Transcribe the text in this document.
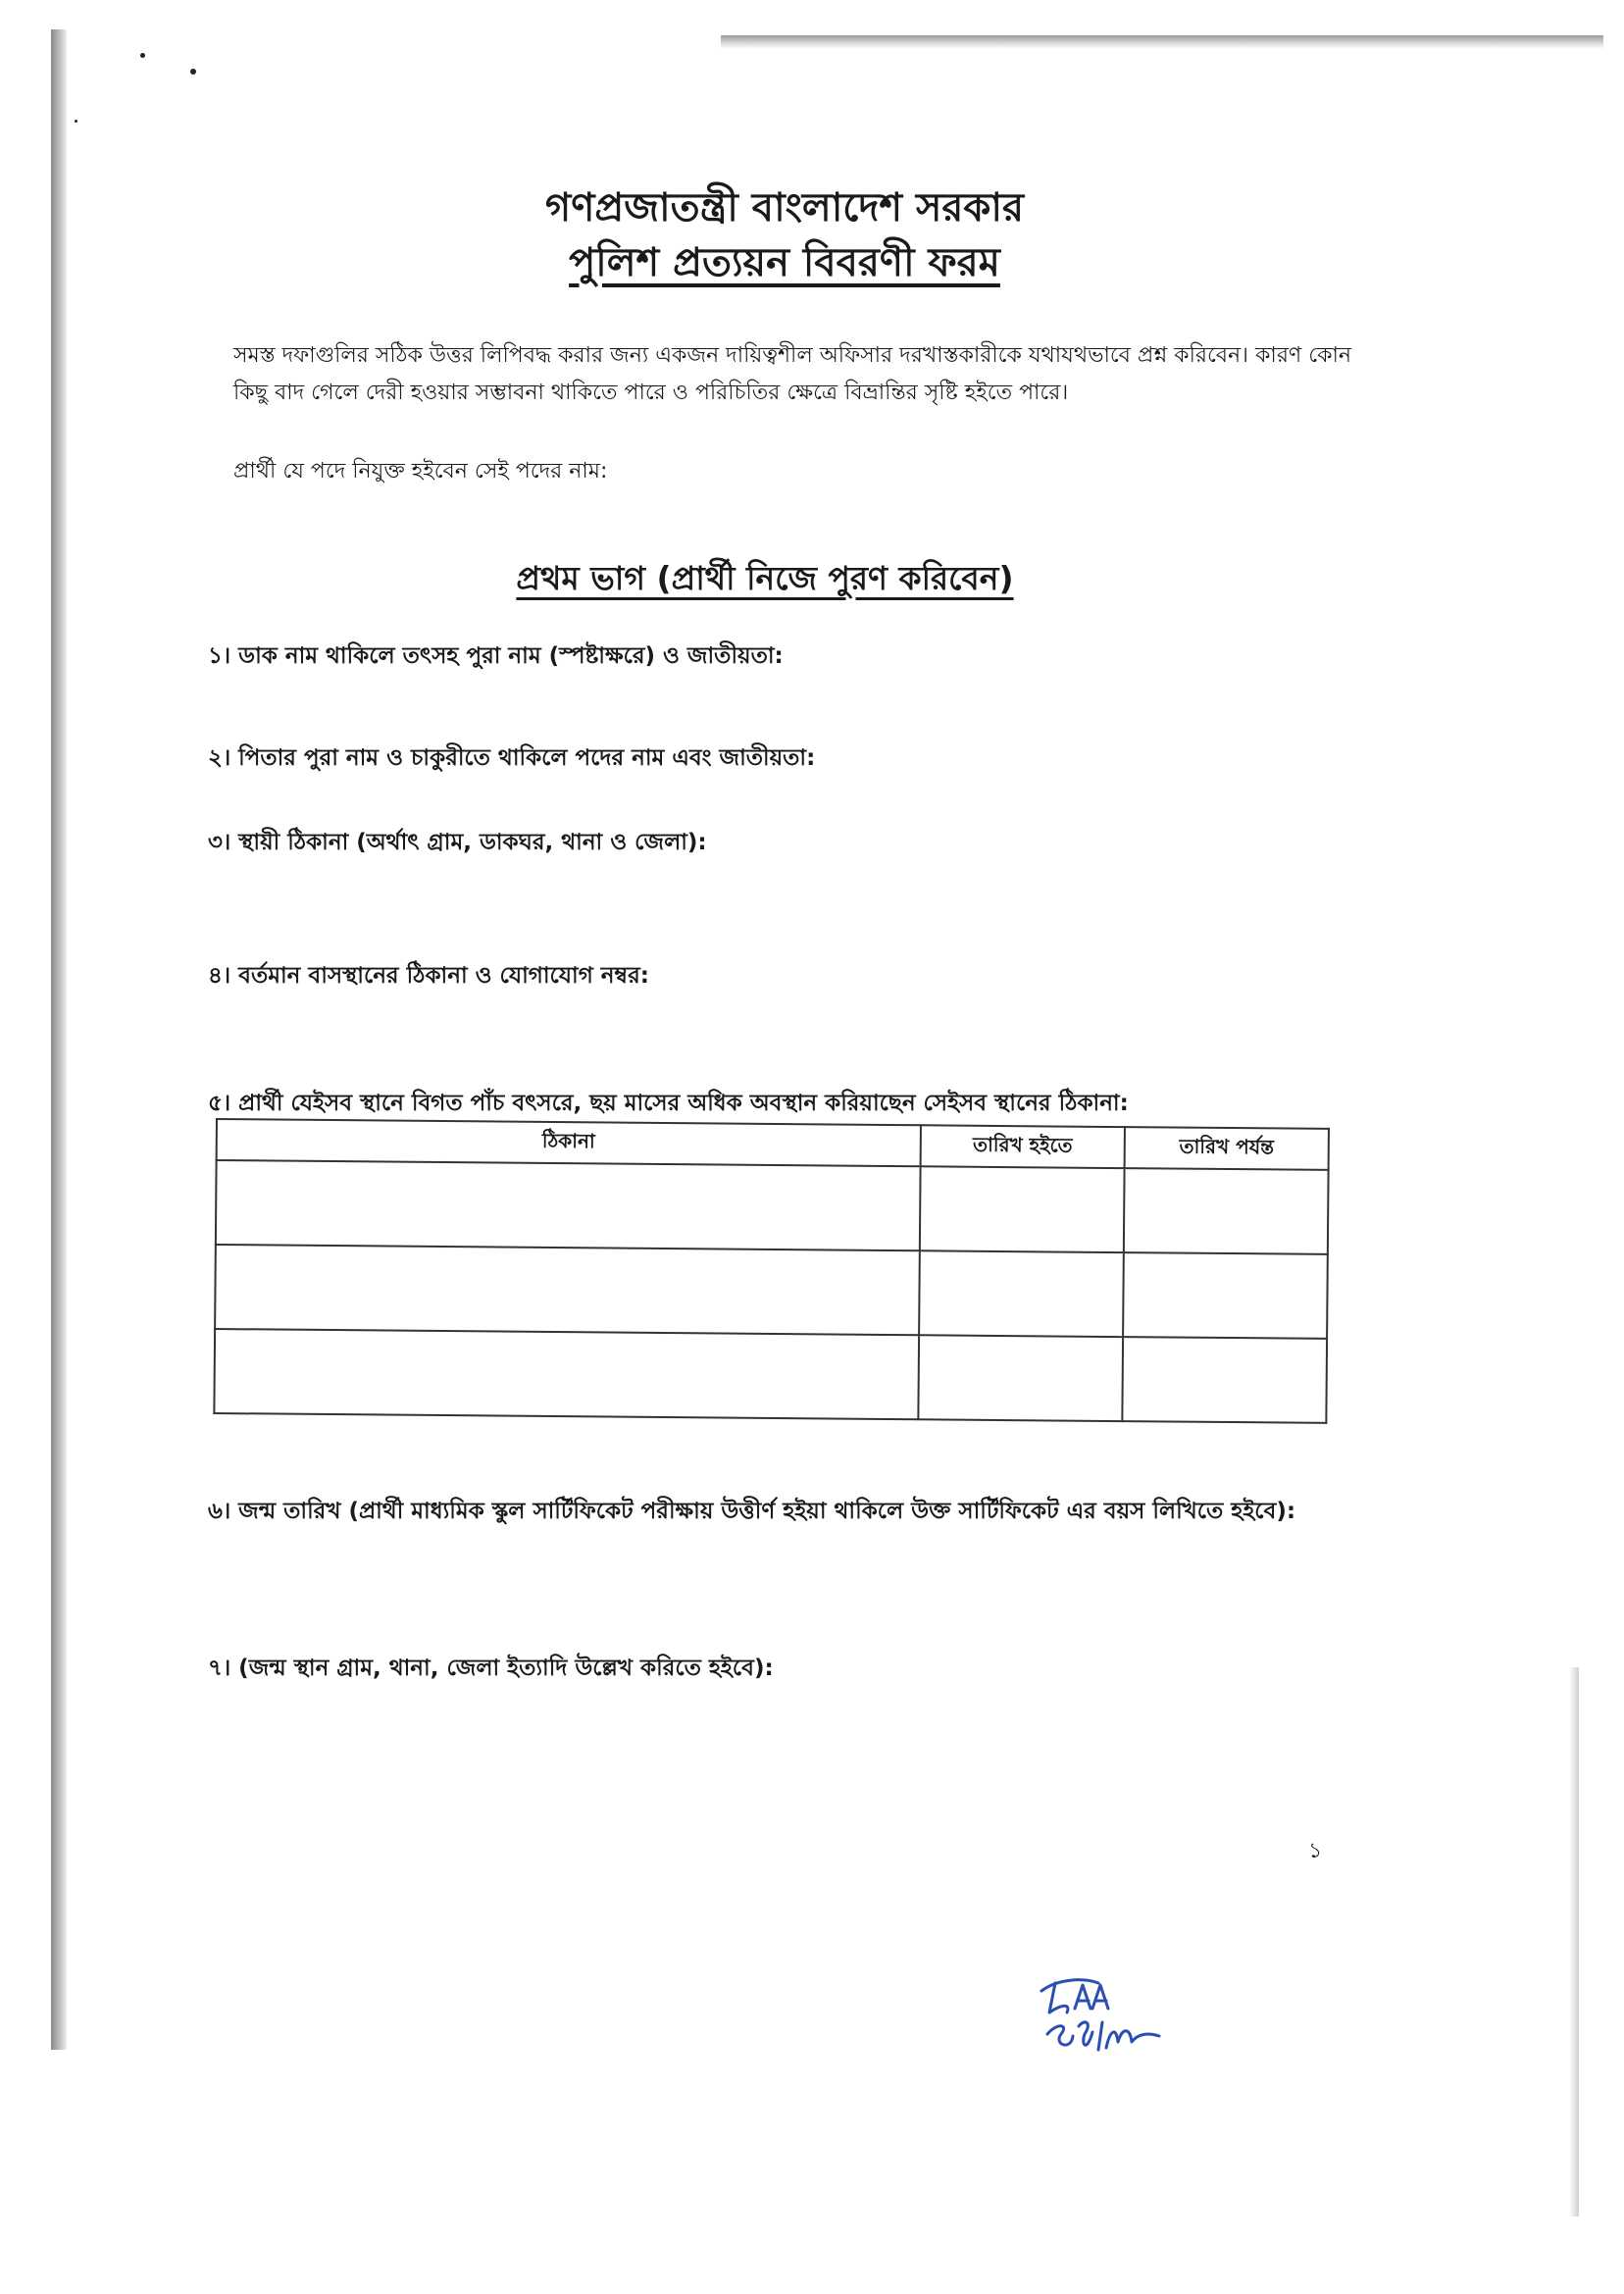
গণপ্রজাতন্ত্রী বাংলাদেশ সরকার
পুলিশ প্রত্যয়ন বিবরণী ফরম
সমস্ত দফাগুলির সঠিক উত্তর লিপিবদ্ধ করার জন্য একজন দায়িত্বশীল অফিসার দরখাস্তকারীকে যথাযথভাবে প্রশ্ন করিবেন। কারণ কোন কিছু বাদ গেলে দেরী হওয়ার সম্ভাবনা থাকিতে পারে ও পরিচিতির ক্ষেত্রে বিভ্রান্তির সৃষ্টি হইতে পারে।
প্রার্থী যে পদে নিযুক্ত হইবেন সেই পদের নাম:
প্রথম ভাগ (প্রার্থী নিজে পুরণ করিবেন)
১। ডাক নাম থাকিলে তৎসহ পুরা নাম (স্পষ্টাক্ষরে) ও জাতীয়তা:
২। পিতার পুরা নাম ও চাকুরীতে থাকিলে পদের নাম এবং জাতীয়তা:
৩। স্থায়ী ঠিকানা (অর্থাৎ গ্রাম, ডাকঘর, থানা ও জেলা):
৪। বর্তমান বাসস্থানের ঠিকানা ও যোগাযোগ নম্বর:
৫। প্রার্থী যেইসব স্থানে বিগত পাঁচ বৎসরে, ছয় মাসের অধিক অবস্থান করিয়াছেন সেইসব স্থানের ঠিকানা:
ঠিকানা	তারিখ হইতে	তারিখ পর্যন্ত

৬। জন্ম তারিখ (প্রার্থী মাধ্যমিক স্কুল সার্টিফিকেট পরীক্ষায় উত্তীর্ণ হইয়া থাকিলে উক্ত সার্টিফিকেট এর বয়স লিখিতে হইবে):
৭। (জন্ম স্থান গ্রাম, থানা, জেলা ইত্যাদি উল্লেখ করিতে হইবে):
১
